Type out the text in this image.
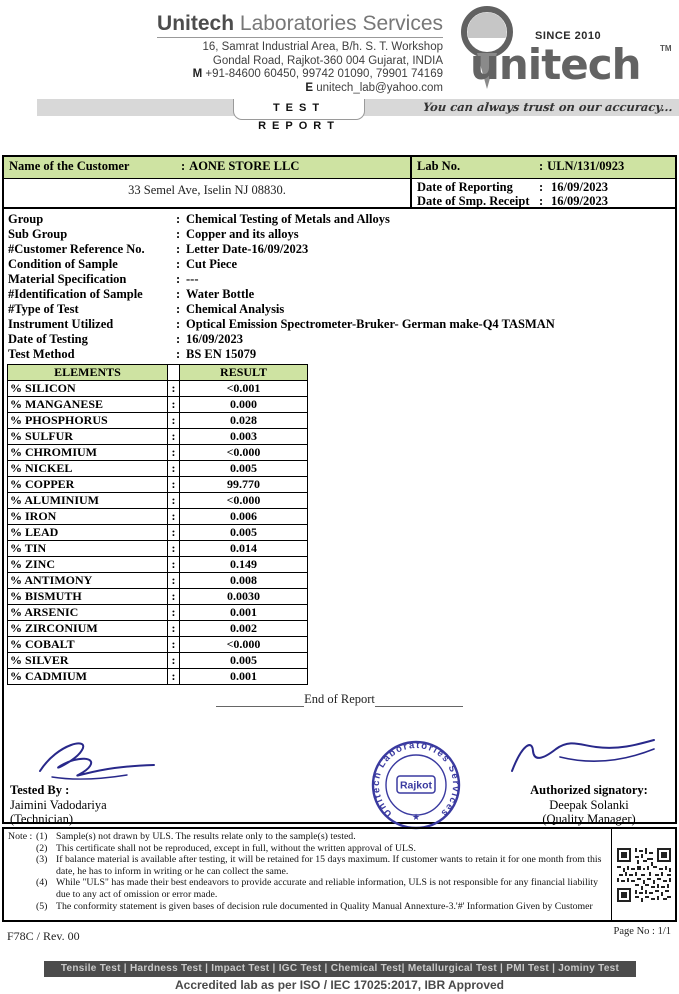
Unitech Laboratories Services
16, Samrat Industrial Area, B/h. S. T. Workshop
Gondal Road, Rajkot-360 004 Gujarat, INDIA
M +91-84600 60450, 99742 01090, 79901 74169
E unitech_lab@yahoo.com
SINCE 2010
unitech TM
TEST REPORT
You can always trust on our accuracy...
Name of the Customer	: AONE STORE LLC	Lab No.	: ULN/131/0923
33 Semel Ave, Iselin NJ 08830.	Date of Reporting	: 16/09/2023
Date of Smp. Receipt : 16/09/2023
Group	: Chemical Testing of Metals and Alloys
Sub Group	: Copper and its alloys
#Customer Reference No.	: Letter Date-16/09/2023
Condition of Sample	: Cut Piece
Material Specification	: ---
#Identification of Sample	: Water Bottle
#Type of Test	: Chemical Analysis
Instrument Utilized	: Optical Emission Spectrometer-Bruker- German make-Q4 TASMAN
Date of Testing	: 16/09/2023
Test Method	: BS EN 15079
ELEMENTS		RESULT
% SILICON	:	<0.001
% MANGANESE	:	0.000
% PHOSPHORUS	:	0.028
% SULFUR	:	0.003
% CHROMIUM	:	<0.000
% NICKEL	:	0.005
% COPPER	:	99.770
% ALUMINIUM	:	<0.000
% IRON	:	0.006
% LEAD	:	0.005
% TIN	:	0.014
% ZINC	:	0.149
% ANTIMONY	:	0.008
% BISMUTH	:	0.0030
% ARSENIC	:	0.001
% ZIRCONIUM	:	0.002
% COBALT	:	<0.000
% SILVER	:	0.005
% CADMIUM	:	0.001
End of Report
Tested By :
Jaimini Vadodariya
(Technician)	Unitech Laboratories Services
Rajkot
★
Authorized signatory:
Deepak Solanki
(Quality Manager)
Note : (1) Sample(s) not drawn by ULS. The results relate only to the sample(s) tested.
(2) This certificate shall not be reproduced, except in full, without the written approval of ULS.
(3) If balance material is available after testing, it will be retained for 15 days maximum. If customer wants to retain it for one month from this date, he has to inform in writing or he can collect the same.
(4) While "ULS" has made their best endeavors to provide accurate and reliable information, ULS is not responsible for any financial liability due to any act of omission or error made.
(5) The conformity statement is given bases of decision rule documented in Quality Manual Annexture-3.'#' Information Given by Customer
F78C / Rev. 00	Page No : 1/1
Tensile Test | Hardness Test | Impact Test | IGC Test | Chemical Test| Metallurgical Test | PMI Test | Jominy Test
Accredited lab as per ISO / IEC 17025:2017, IBR Approved
